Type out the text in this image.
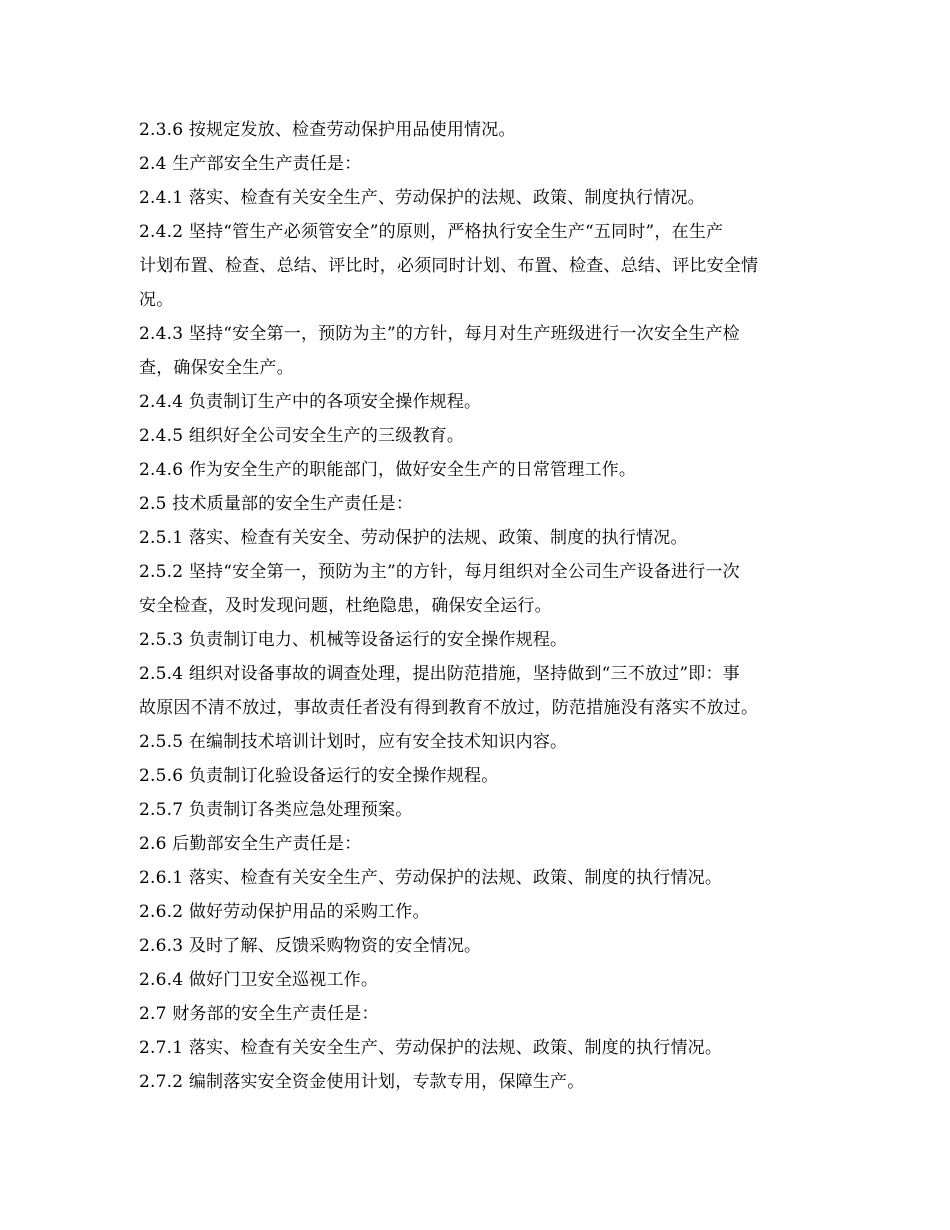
2.3.6 按规定发放、检查劳动保护用品使用情况。
2.4 生产部安全生产责任是：
2.4.1 落实、检查有关安全生产、劳动保护的法规、政策、制度执行情况。
2.4.2 坚持“管生产必须管安全”的原则，严格执行安全生产“五同时”，在生产
计划布置、检查、总结、评比时，必须同时计划、布置、检查、总结、评比安全情
况。
2.4.3 坚持“安全第一，预防为主”的方针，每月对生产班级进行一次安全生产检
查，确保安全生产。
2.4.4 负责制订生产中的各项安全操作规程。
2.4.5 组织好全公司安全生产的三级教育。
2.4.6 作为安全生产的职能部门，做好安全生产的日常管理工作。
2.5 技术质量部的安全生产责任是：
2.5.1 落实、检查有关安全、劳动保护的法规、政策、制度的执行情况。
2.5.2 坚持“安全第一，预防为主”的方针，每月组织对全公司生产设备进行一次
安全检查，及时发现问题，杜绝隐患，确保安全运行。
2.5.3 负责制订电力、机械等设备运行的安全操作规程。
2.5.4 组织对设备事故的调查处理，提出防范措施，坚持做到“三不放过”即：事
故原因不清不放过，事故责任者没有得到教育不放过，防范措施没有落实不放过。
2.5.5 在编制技术培训计划时，应有安全技术知识内容。
2.5.6 负责制订化验设备运行的安全操作规程。
2.5.7 负责制订各类应急处理预案。
2.6 后勤部安全生产责任是：
2.6.1 落实、检查有关安全生产、劳动保护的法规、政策、制度的执行情况。
2.6.2 做好劳动保护用品的采购工作。
2.6.3 及时了解、反馈采购物资的安全情况。
2.6.4 做好门卫安全巡视工作。
2.7 财务部的安全生产责任是：
2.7.1 落实、检查有关安全生产、劳动保护的法规、政策、制度的执行情况。
2.7.2 编制落实安全资金使用计划，专款专用，保障生产。
